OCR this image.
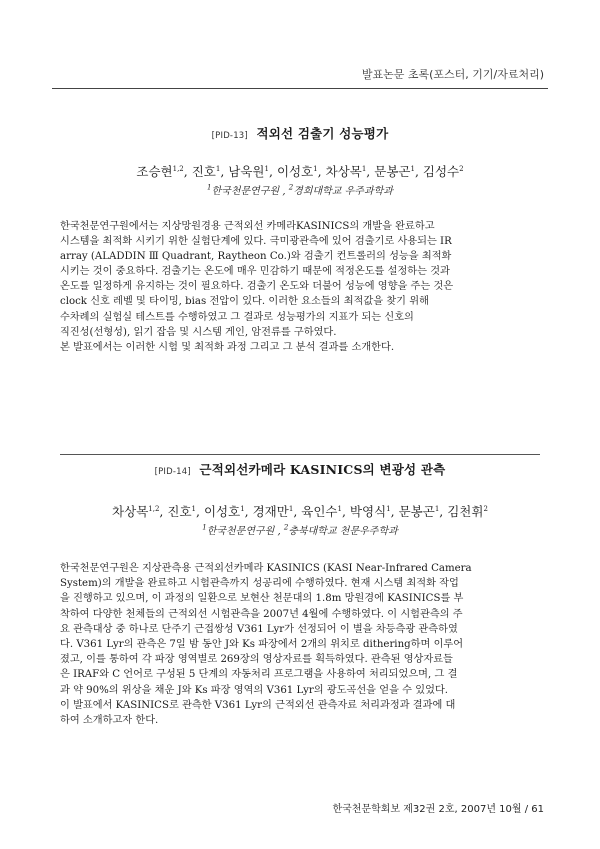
발표논문 초록(포스터, 기기/자료처리)
[PID-13] 적외선 검출기 성능평가
조승현$^{1,2}$, 진호$^1$, 남욱원$^1$, 이성호$^1$, 차상목$^1$, 문봉곤$^1$, 김성수$^2$
$^1$한국천문연구원 , $^2$경희대학교 우주과학과

한국천문연구원에서는 지상망원경용 근적외선 카메라KASINICS의 개발을 완료하고

시스템을 최적화 시키기 위한 실험단계에 있다. 극미광관측에 있어 검출기로 사용되는 IR

array (ALADDIN Ⅲ Quadrant, Raytheon Co.)와 검출기 컨트롤러의 성능을 최적화

시키는 것이 중요하다. 검출기는 온도에 매우 민감하기 때문에 적정온도를 설정하는 것과

온도를 일정하게 유지하는 것이 필요하다. 검출기 온도와 더불어 성능에 영향을 주는 것은

clock 신호 레벨 및 타이밍, bias 전압이 있다. 이러한 요소들의 최적값을 찾기 위해

수차례의 실험실 테스트를 수행하였고 그 결과로 성능평가의 지표가 되는 신호의

직진성(선형성), 읽기 잡음 및 시스템 게인, 암전류를 구하였다.

본 발표에서는 이러한 시험 및 최적화 과정 그리고 그 분석 결과를 소개한다.

[PID-14] 근적외선카메라 KASINICS의 변광성 관측
차상목$^{1,2}$, 진호$^1$, 이성호$^1$, 경재만$^1$, 육인수$^1$, 박영식$^1$, 문봉곤$^1$, 김천휘$^2$
$^1$한국천문연구원 , $^2$충북대학교 천문우주학과

한국천문연구원은 지상관측용 근적외선카메라 KASINICS (KASI Near-Infrared Camera

System)의 개발을 완료하고 시험관측까지 성공리에 수행하였다. 현재 시스템 최적화 작업

을 진행하고 있으며, 이 과정의 일환으로 보현산 천문대의 1.8m 망원경에 KASINICS를 부

착하여 다양한 천체들의 근적외선 시험관측을 2007년 4월에 수행하였다. 이 시험관측의 주

요 관측대상 중 하나로 단주기 근접쌍성 V361 Lyr가 선정되어 이 별을 차등측광 관측하였

다. V361 Lyr의 관측은 7일 밤 동안 J와 Ks 파장에서 2개의 위치로 dithering하며 이루어

졌고, 이를 통하여 각 파장 영역별로 269장의 영상자료를 획득하였다. 관측된 영상자료들

은 IRAF와 C 언어로 구성된 5 단계의 자동처리 프로그램을 사용하여 처리되었으며, 그 결

과 약 90%의 위상을 채운 J와 Ks 파장 영역의 V361 Lyr의 광도곡선을 얻을 수 있었다.

이 발표에서 KASINICS로 관측한 V361 Lyr의 근적외선 관측자료 처리과정과 결과에 대

하여 소개하고자 한다.

한국천문학회보 제32권 2호, 2007년 10월 / 61
